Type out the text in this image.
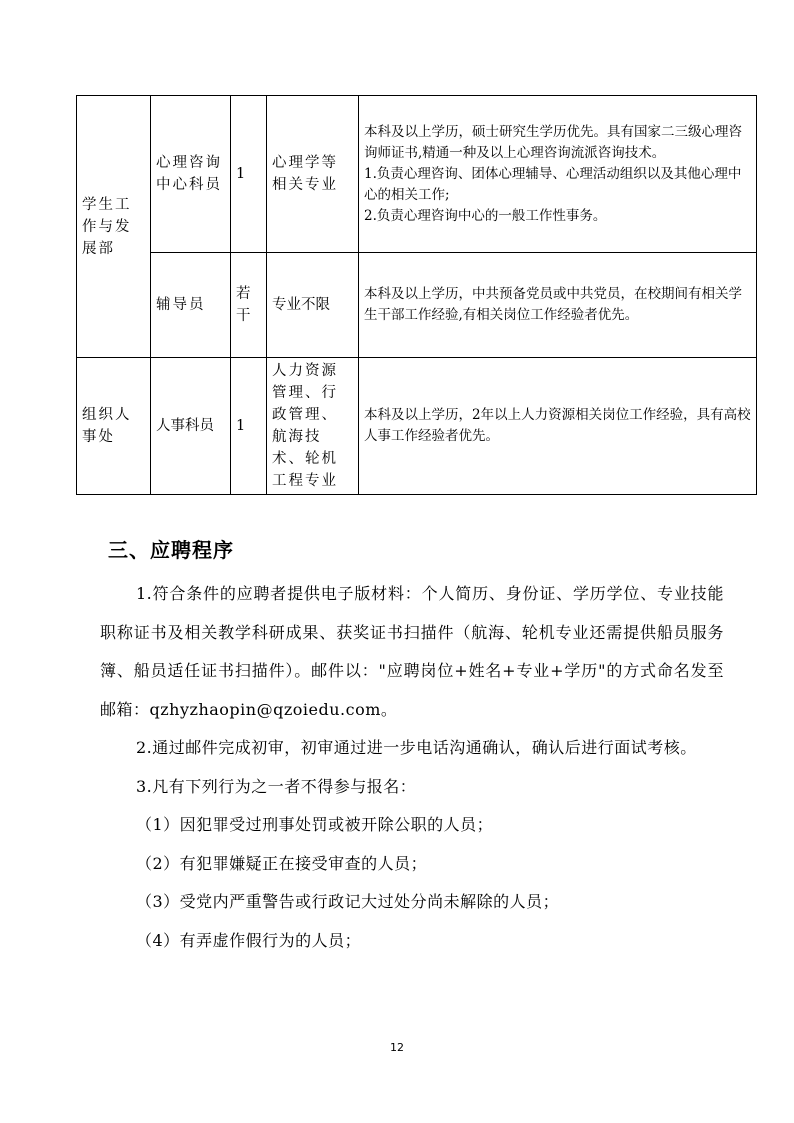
学生工作与发展部	心理咨询中心科员	1	心理学等相关专业	本科及以上学历，硕士研究生学历优先。具有国家二三级心理咨询师证书,精通一种及以上心理咨询流派咨询技术。
1.负责心理咨询、团体心理辅导、心理活动组织以及其他心理中心的相关工作;
2.负责心理咨询中心的一般工作性事务。

	辅导员	若干	专业不限	本科及以上学历，中共预备党员或中共党员，在校期间有相关学生干部工作经验,有相关岗位工作经验者优先。

组织人事处	人事科员	1	人力资源管理、行政管理、航海技术、轮机工程专业	本科及以上学历，2年以上人力资源相关岗位工作经验，具有高校人事工作经验者优先。
三、应聘程序

1.符合条件的应聘者提供电子版材料：个人简历、身份证、学历学位、专业技能职称证书及相关教学科研成果、获奖证书扫描件（航海、轮机专业还需提供船员服务簿、船员适任证书扫描件）。邮件以："应聘岗位+姓名+专业+学历"的方式命名发至邮箱：qzhyzhaopin@qzoiedu.com。

2.通过邮件完成初审，初审通过进一步电话沟通确认，确认后进行面试考核。

3.凡有下列行为之一者不得参与报名：

（1）因犯罪受过刑事处罚或被开除公职的人员；

（2）有犯罪嫌疑正在接受审查的人员；

（3）受党内严重警告或行政记大过处分尚未解除的人员；

（4）有弄虚作假行为的人员；

12
